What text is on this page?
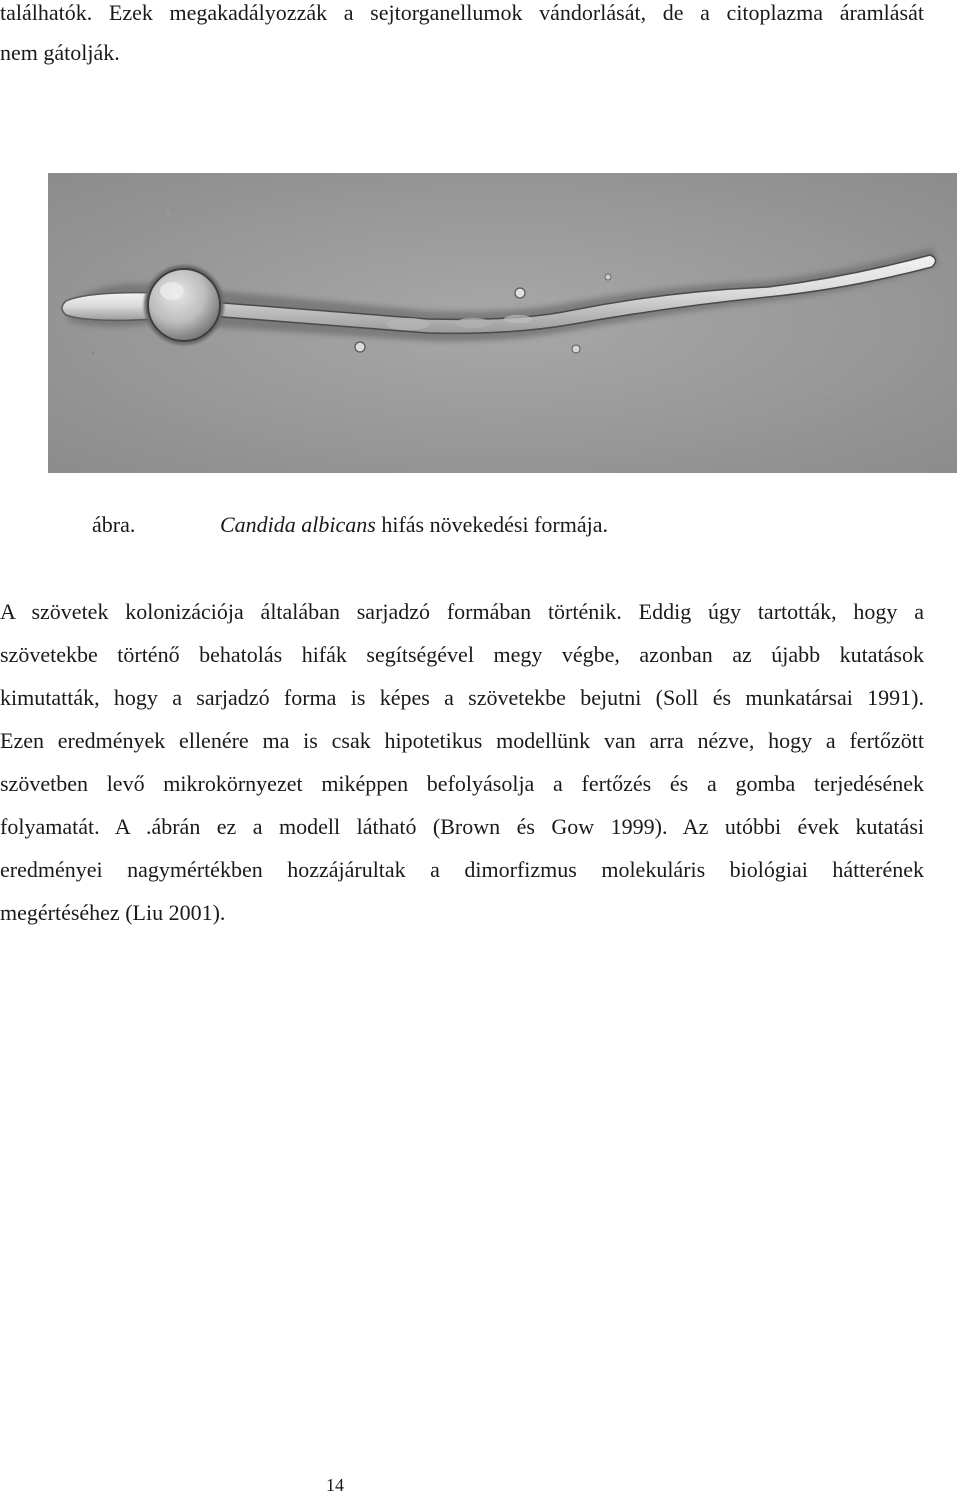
találhatók. Ezek megakadályozzák a sejtorganellumok vándorlását, de a citoplazma áramlását
nem gátolják.
ábra.	Candida albicans hifás növekedési formája.
A szövetek kolonizációja általában sarjadzó formában történik. Eddig úgy tartották, hogy a
szövetekbe történő behatolás hifák segítségével megy végbe, azonban az újabb kutatások
kimutatták, hogy a sarjadzó forma is képes a szövetekbe bejutni (Soll és munkatársai 1991).
Ezen eredmények ellenére ma is csak hipotetikus modellünk van arra nézve, hogy a fertőzött
szövetben levő mikrokörnyezet miképpen befolyásolja a fertőzés és a gomba terjedésének
folyamatát. A .ábrán ez a modell látható (Brown és Gow 1999). Az utóbbi évek kutatási
eredményei nagymértékben hozzájárultak a dimorfizmus molekuláris biológiai hátterének
megértéséhez (Liu 2001).
14
